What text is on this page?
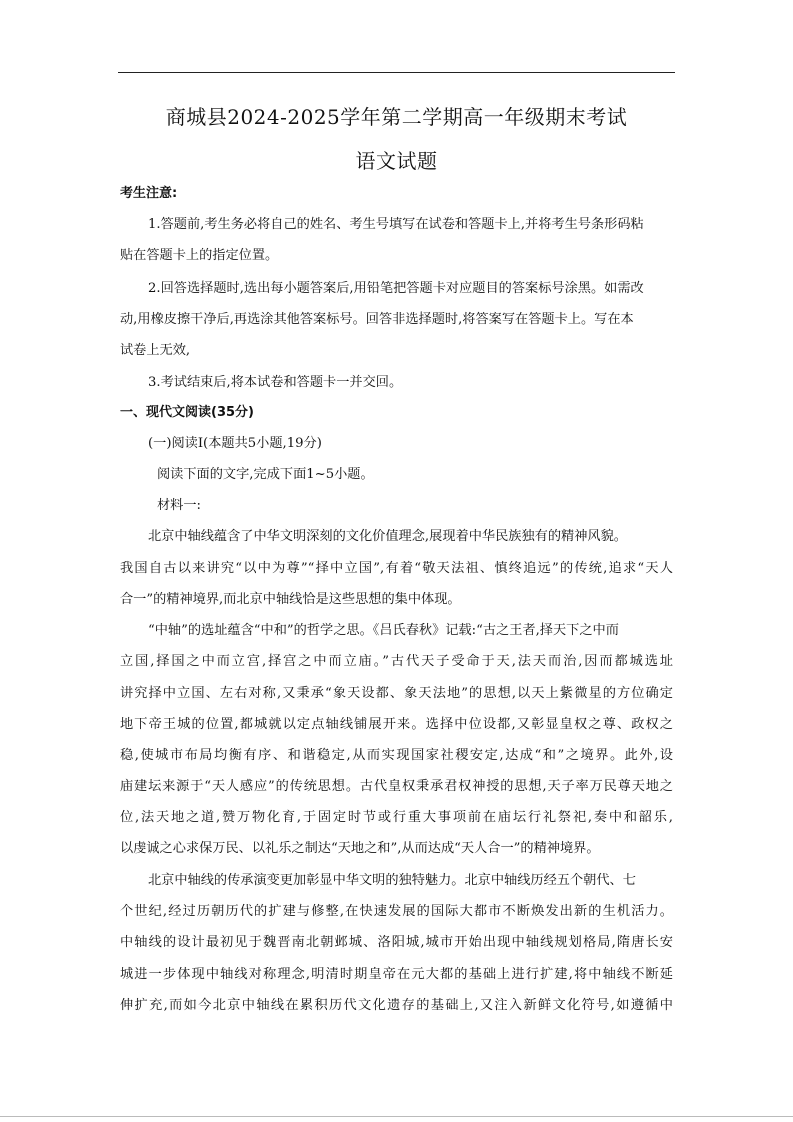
商城县2024-2025学年第二学期高一年级期末考试
语文试题
考生注意:
1.答题前,考生务必将自己的姓名、考生号填写在试卷和答题卡上,并将考生号条形码粘
贴在答题卡上的指定位置。
2.回答选择题时,选出每小题答案后,用铅笔把答题卡对应题目的答案标号涂黑。如需改
动,用橡皮擦干净后,再选涂其他答案标号。回答非选择题时,将答案写在答题卡上。写在本
试卷上无效,
3.考试结束后,将本试卷和答题卡一并交回。
一、现代文阅读(35分)
(一)阅读Ⅰ(本题共5小题,19分)
阅读下面的文字,完成下面1~5小题。
材料一:
北京中轴线蕴含了中华文明深刻的文化价值理念,展现着中华民族独有的精神风貌。
我国自古以来讲究“以中为尊”“择中立国”,有着“敬天法祖、慎终追远”的传统,追求“天人
合一”的精神境界,而北京中轴线恰是这些思想的集中体现。
“中轴”的选址蕴含“中和”的哲学之思。《吕氏春秋》记载:“古之王者,择天下之中而
立国,择国之中而立宫,择宫之中而立庙。”古代天子受命于天,法天而治,因而都城选址
讲究择中立国、左右对称,又秉承“象天设都、象天法地”的思想,以天上紫微星的方位确定
地下帝王城的位置,都城就以定点轴线铺展开来。选择中位设都,又彰显皇权之尊、政权之
稳,使城市布局均衡有序、和谐稳定,从而实现国家社稷安定,达成“和”之境界。此外,设
庙建坛来源于“天人感应”的传统思想。古代皇权秉承君权神授的思想,天子率万民尊天地之
位,法天地之道,赞万物化育,于固定时节或行重大事项前在庙坛行礼祭祀,奏中和韶乐,
以虔诚之心求保万民、以礼乐之制达“天地之和”,从而达成“天人合一”的精神境界。
北京中轴线的传承演变更加彰显中华文明的独特魅力。北京中轴线历经五个朝代、七
个世纪,经过历朝历代的扩建与修整,在快速发展的国际大都市不断焕发出新的生机活力。
中轴线的设计最初见于魏晋南北朝邺城、洛阳城,城市开始出现中轴线规划格局,隋唐长安
城进一步体现中轴线对称理念,明清时期皇帝在元大都的基础上进行扩建,将中轴线不断延
伸扩充,而如今北京中轴线在累积历代文化遗存的基础上,又注入新鲜文化符号,如遵循中
